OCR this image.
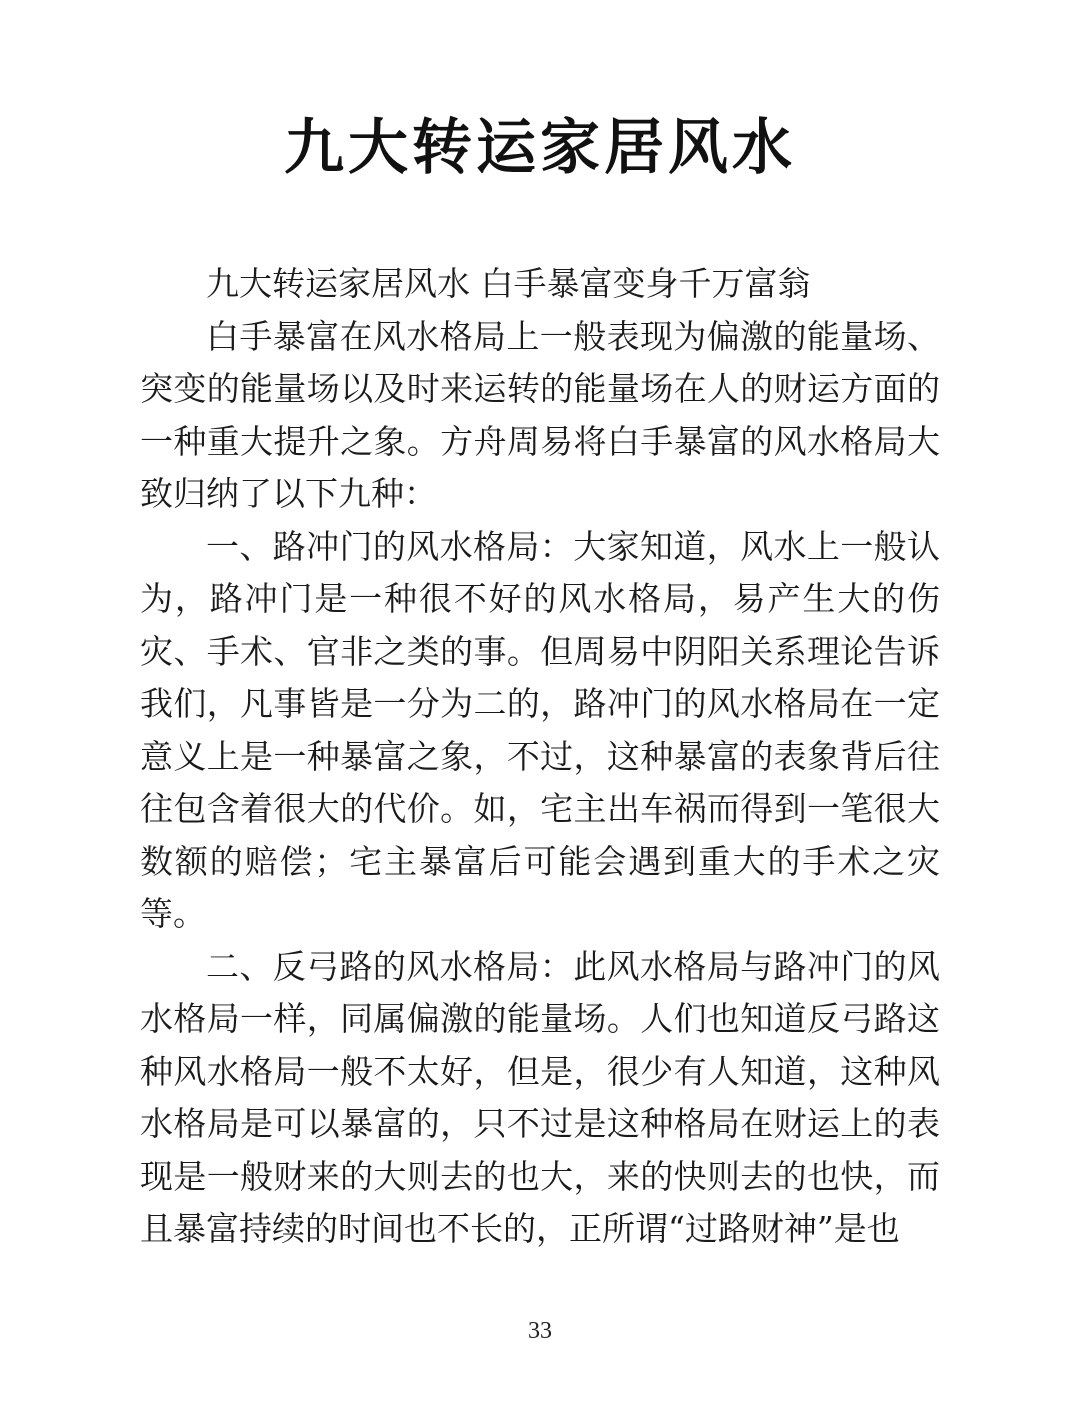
九大转运家居风水

九大转运家居风水 白手暴富变身千万富翁

白手暴富在风水格局上一般表现为偏激的能量场、突变的能量场以及时来运转的能量场在人的财运方面的一种重大提升之象。方舟周易将白手暴富的风水格局大致归纳了以下九种：

一、路冲门的风水格局：大家知道，风水上一般认为，路冲门是一种很不好的风水格局，易产生大的伤灾、手术、官非之类的事。但周易中阴阳关系理论告诉我们，凡事皆是一分为二的，路冲门的风水格局在一定意义上是一种暴富之象，不过，这种暴富的表象背后往往包含着很大的代价。如，宅主出车祸而得到一笔很大数额的赔偿；宅主暴富后可能会遇到重大的手术之灾等。

二、反弓路的风水格局：此风水格局与路冲门的风水格局一样，同属偏激的能量场。人们也知道反弓路这种风水格局一般不太好，但是，很少有人知道，这种风水格局是可以暴富的，只不过是这种格局在财运上的表现是一般财来的大则去的也大，来的快则去的也快，而且暴富持续的时间也不长的，正所谓“过路财神”是也

33
